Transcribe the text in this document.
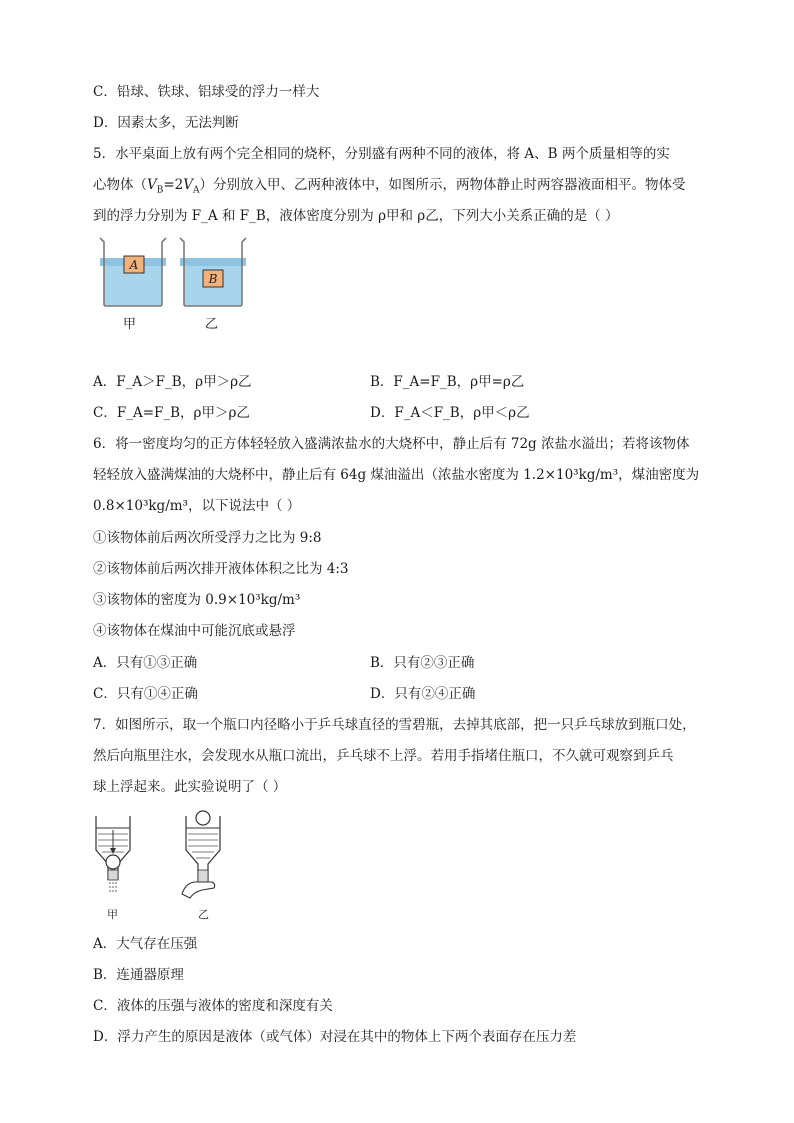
C．铅球、铁球、铝球受的浮力一样大
D．因素太多，无法判断
5．水平桌面上放有两个完全相同的烧杯，分别盛有两种不同的液体，将 A、B 两个质量相等的实
心物体$(V_B=2V_A)$分别放入甲、乙两种液体中，如图所示，两物体静止时两容器液面相平。物体受
到的浮力分别为 F_A 和 F_B，液体密度分别为 ρ甲和 ρ乙，下列大小关系正确的是（ ）
A
B
甲	乙
A．F_A＞F_B，ρ甲＞ρ乙	B．F_A=F_B，ρ甲=ρ乙
C．F_A=F_B，ρ甲＞ρ乙	D．F_A＜F_B，ρ甲＜ρ乙
6．将一密度均匀的正方体轻轻放入盛满浓盐水的大烧杯中，静止后有 72g 浓盐水溢出；若将该物体
轻轻放入盛满煤油的大烧杯中，静止后有 64g 煤油溢出（浓盐水密度为 1.2×10³kg/m³，煤油密度为
0.8×10³kg/m³，以下说法中（ ）
①该物体前后两次所受浮力之比为 9:8
②该物体前后两次排开液体体积之比为 4:3
③该物体的密度为 0.9×10³kg/m³
④该物体在煤油中可能沉底或悬浮
A．只有①③正确	B．只有②③正确
C．只有①④正确	D．只有②④正确
7．如图所示，取一个瓶口内径略小于乒乓球直径的雪碧瓶，去掉其底部，把一只乒乓球放到瓶口处，
然后向瓶里注水，会发现水从瓶口流出，乒乓球不上浮。若用手指堵住瓶口，不久就可观察到乒乓
球上浮起来。此实验说明了（ ）
甲	乙
A．大气存在压强
B．连通器原理
C．液体的压强与液体的密度和深度有关
D．浮力产生的原因是液体（或气体）对浸在其中的物体上下两个表面存在压力差
